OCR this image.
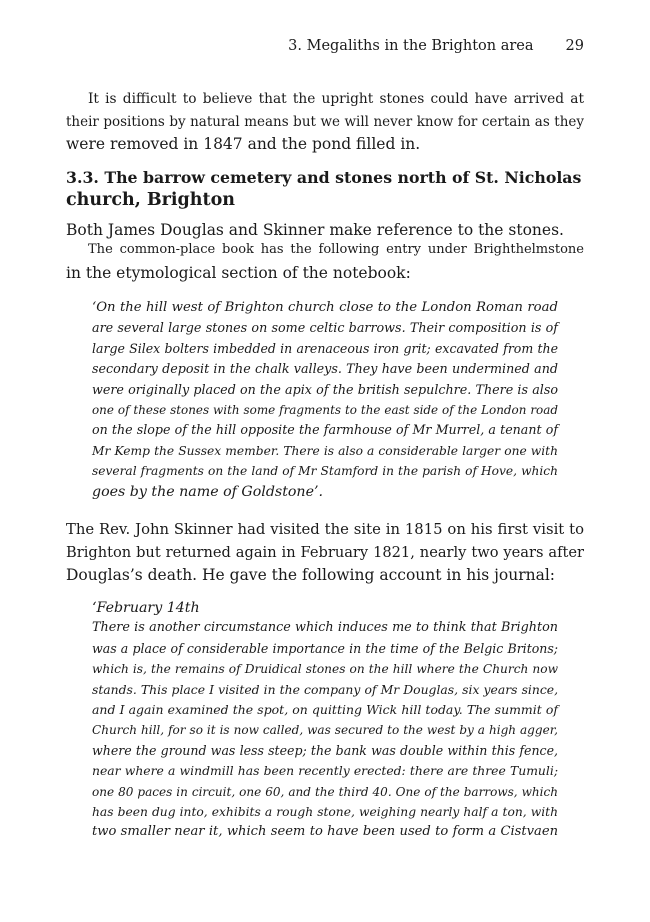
3. Megaliths in the Brighton area 29
It is difficult to believe that the upright stones could have arrived at
their positions by natural means but we will never know for certain as they
were removed in 1847 and the pond filled in.
3.3. The barrow cemetery and stones north of St. Nicholas
church, Brighton
Both James Douglas and Skinner make reference to the stones.
The common-place book has the following entry under Brighthelmstone
in the etymological section of the notebook:
‘On the hill west of Brighton church close to the London Roman road
are several large stones on some celtic barrows. Their composition is of
large Silex bolters imbedded in arenaceous iron grit; excavated from the
secondary deposit in the chalk valleys. They have been undermined and
were originally placed on the apix of the british sepulchre. There is also
one of these stones with some fragments to the east side of the London road
on the slope of the hill opposite the farmhouse of Mr Murrel, a tenant of
Mr Kemp the Sussex member. There is also a considerable larger one with
several fragments on the land of Mr Stamford in the parish of Hove, which
goes by the name of Goldstone’.
The Rev. John Skinner had visited the site in 1815 on his first visit to
Brighton but returned again in February 1821, nearly two years after
Douglas’s death. He gave the following account in his journal:
‘February 14th
There is another circumstance which induces me to think that Brighton
was a place of considerable importance in the time of the Belgic Britons;
which is, the remains of Druidical stones on the hill where the Church now
stands. This place I visited in the company of Mr Douglas, six years since,
and I again examined the spot, on quitting Wick hill today. The summit of
Church hill, for so it is now called, was secured to the west by a high agger,
where the ground was less steep; the bank was double within this fence,
near where a windmill has been recently erected: there are three Tumuli;
one 80 paces in circuit, one 60, and the third 40. One of the barrows, which
has been dug into, exhibits a rough stone, weighing nearly half a ton, with
two smaller near it, which seem to have been used to form a Cistvaen
